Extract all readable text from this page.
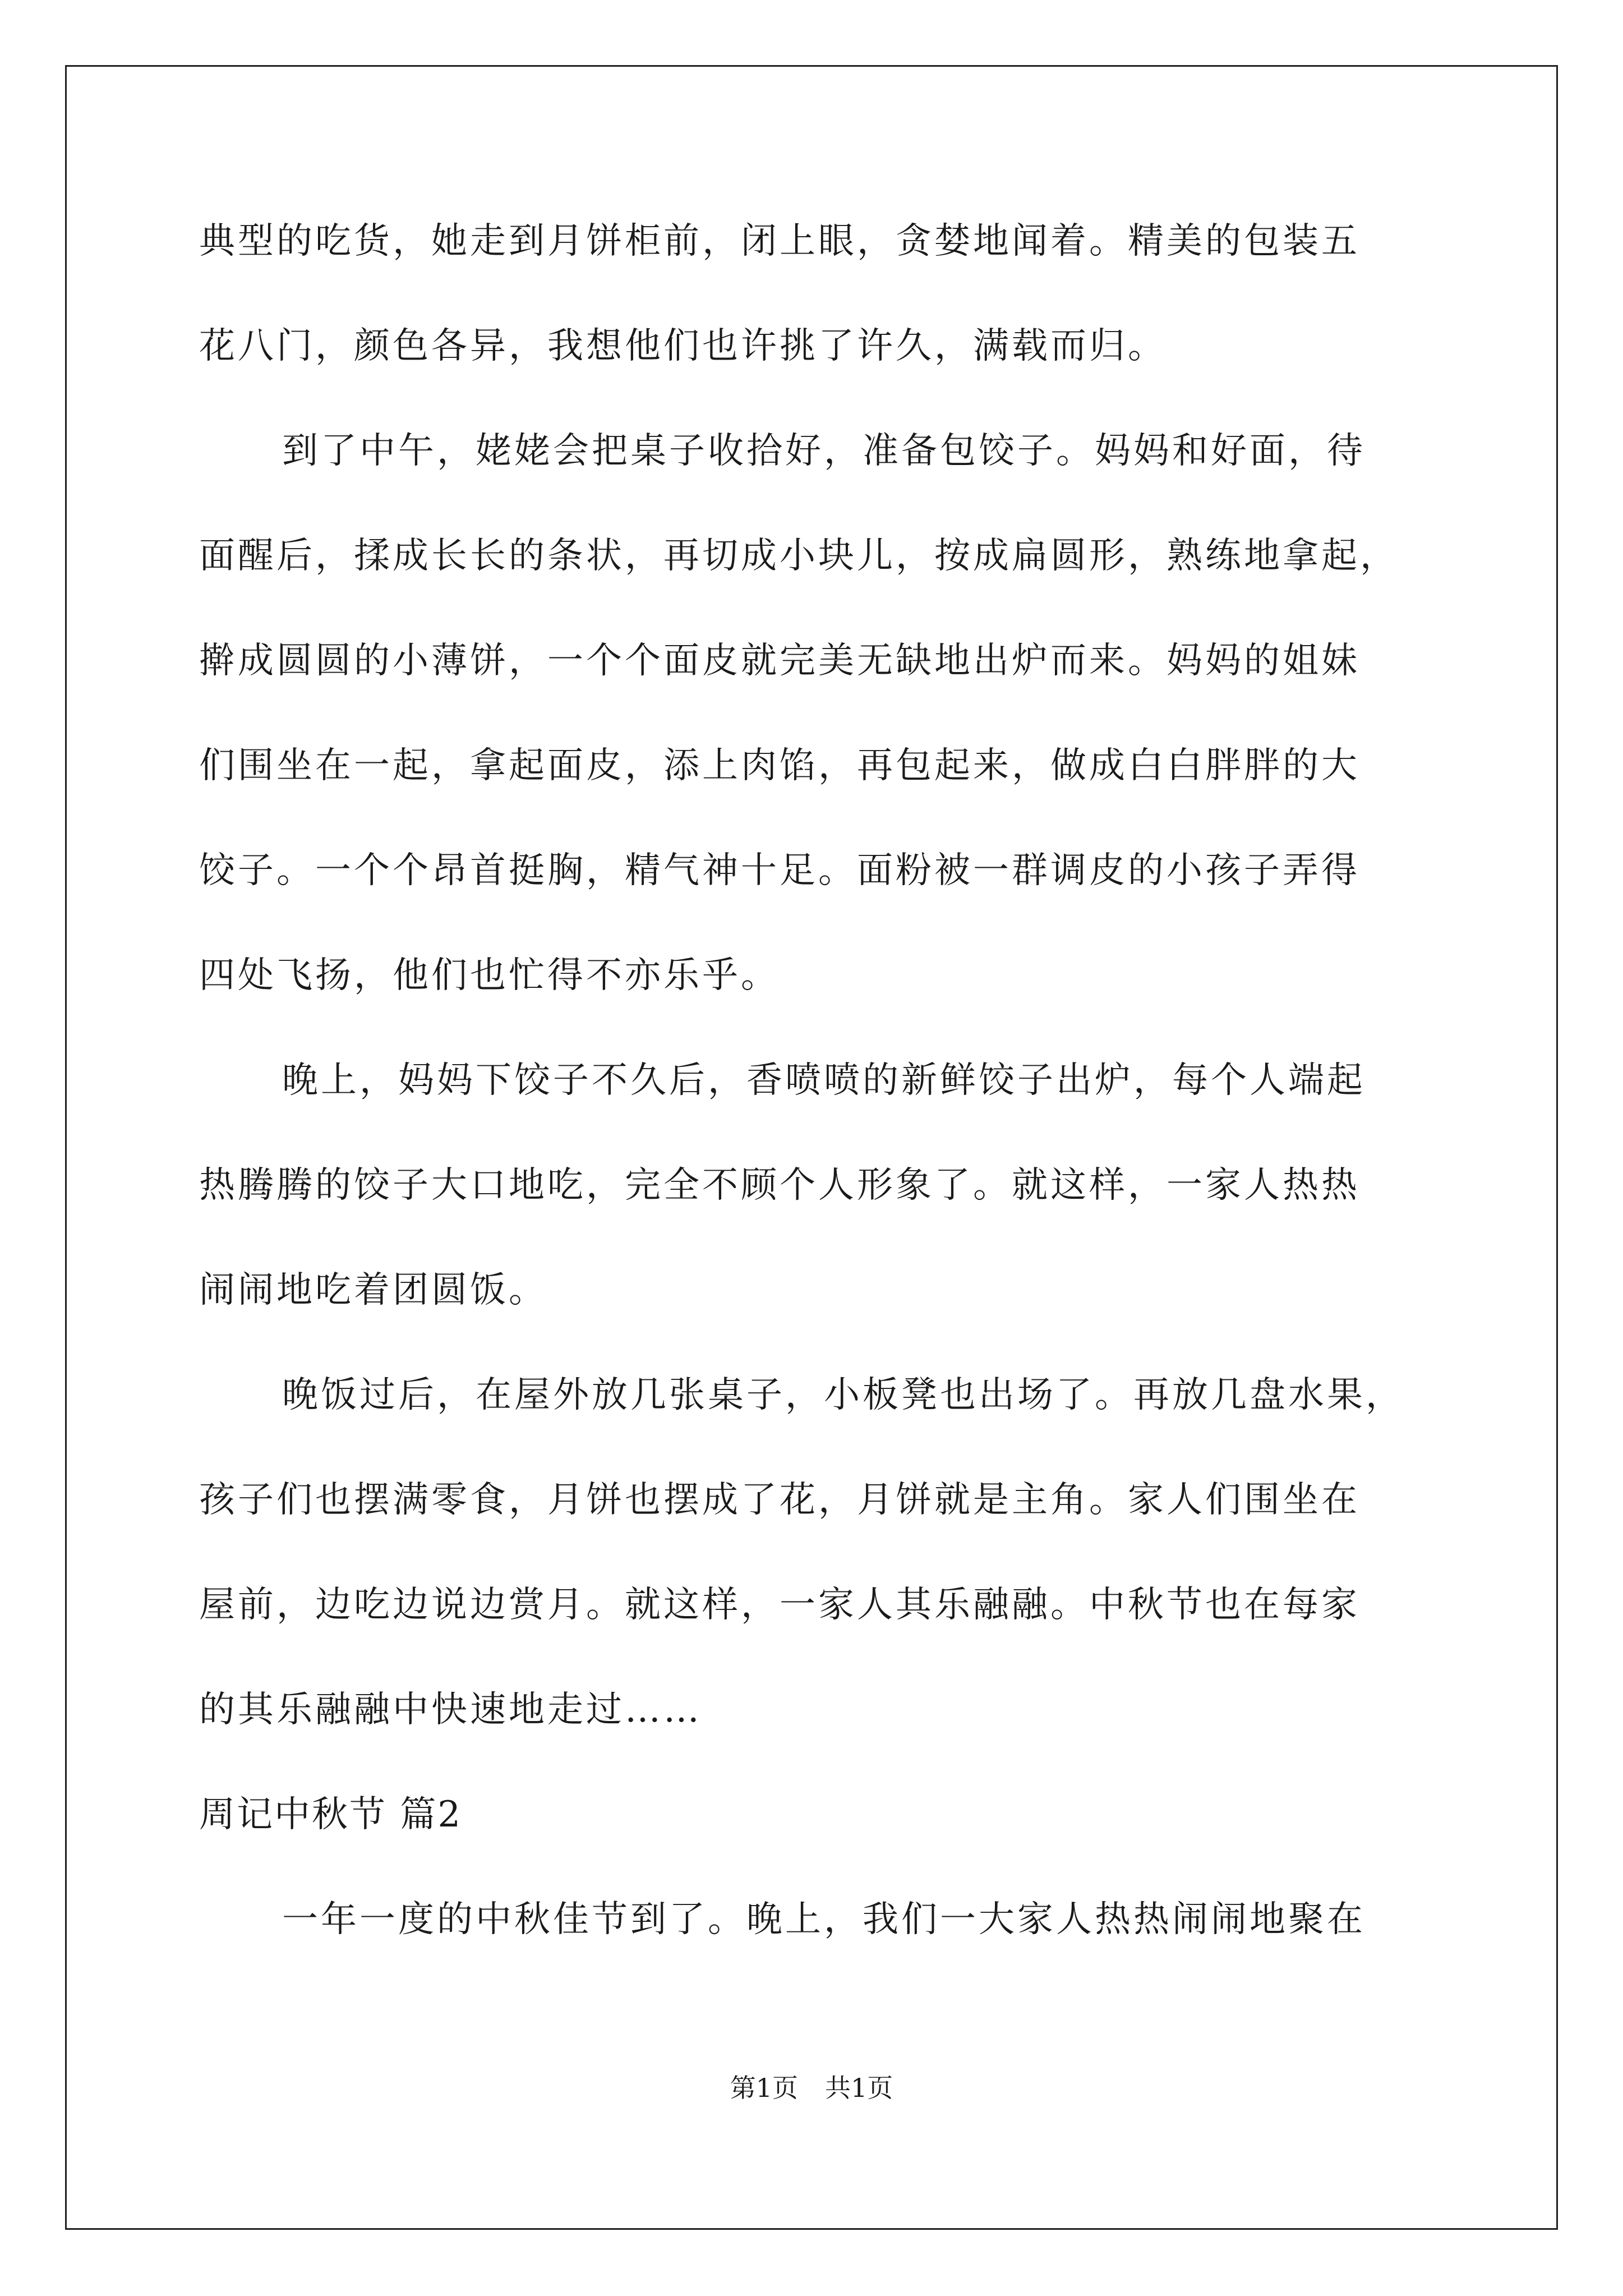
典型的吃货，她走到月饼柜前，闭上眼，贪婪地闻着。精美的包装五
花八门，颜色各异，我想他们也许挑了许久，满载而归。
到了中午，姥姥会把桌子收拾好，准备包饺子。妈妈和好面，待
面醒后，揉成长长的条状，再切成小块儿，按成扁圆形，熟练地拿起，
擀成圆圆的小薄饼，一个个面皮就完美无缺地出炉而来。妈妈的姐妹
们围坐在一起，拿起面皮，添上肉馅，再包起来，做成白白胖胖的大
饺子。一个个昂首挺胸，精气神十足。面粉被一群调皮的小孩子弄得
四处飞扬，他们也忙得不亦乐乎。
晚上，妈妈下饺子不久后，香喷喷的新鲜饺子出炉，每个人端起
热腾腾的饺子大口地吃，完全不顾个人形象了。就这样，一家人热热
闹闹地吃着团圆饭。
晚饭过后，在屋外放几张桌子，小板凳也出场了。再放几盘水果，
孩子们也摆满零食，月饼也摆成了花，月饼就是主角。家人们围坐在
屋前，边吃边说边赏月。就这样，一家人其乐融融。中秋节也在每家
的其乐融融中快速地走过……
周记中秋节 篇2
一年一度的中秋佳节到了。晚上，我们一大家人热热闹闹地聚在
第1页 共1页
